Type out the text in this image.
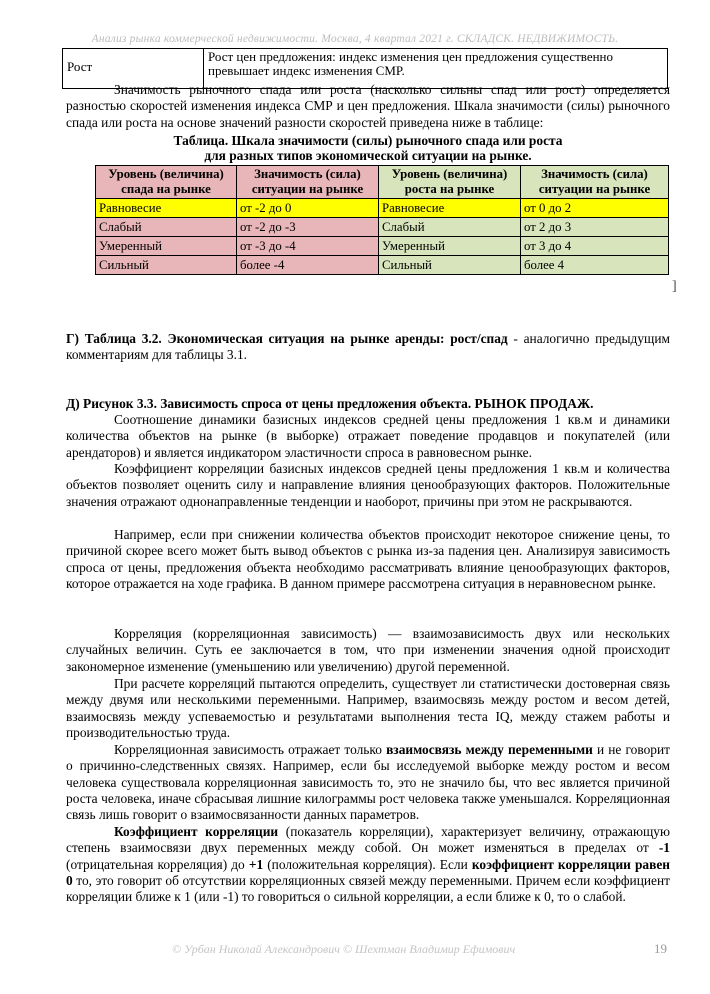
Анализ рынка коммерческой недвижимости. Москва, 4 квартал 2021 г. СКЛАДСК. НЕДВИЖИМОСТЬ.
Рост	Рост цен предложения: индекс изменения цен предложения существенно превышает индекс изменения СМР.
Значимость рыночного спада или роста (насколько сильны спад или рост) определяется разностью скоростей изменения индекса СМР и цен предложения. Шкала значимости (силы) рыночного спада или роста на основе значений разности скоростей приведена ниже в таблице:
Таблица. Шкала значимости (силы) рыночного спада или роста
для разных типов экономической ситуации на рынке.
Уровень (величина) спада на рынке	Значимость (сила) ситуации на рынке	Уровень (величина) роста на рынке	Значимость (сила) ситуации на рынке
Равновесие	от -2 до 0	Равновесие	от 0 до 2
Слабый	от -2 до -3	Слабый	от 2 до 3
Умеренный	от -3 до -4	Умеренный	от 3 до 4
Сильный	более -4	Сильный	более 4
]
Г) Таблица 3.2. Экономическая ситуация на рынке аренды: рост/спад - аналогично предыдущим комментариям для таблицы 3.1.
Д) Рисунок 3.3. Зависимость спроса от цены предложения объекта. РЫНОК ПРОДАЖ.
Соотношение динамики базисных индексов средней цены предложения 1 кв.м и динамики количества объектов на рынке (в выборке) отражает поведение продавцов и покупателей (или арендаторов) и является индикатором эластичности спроса в равновесном рынке.
Коэффициент корреляции базисных индексов средней цены предложения 1 кв.м и количества объектов позволяет оценить силу и направление влияния ценообразующих факторов. Положительные значения отражают однонаправленные тенденции и наоборот, причины при этом не раскрываются.
Например, если при снижении количества объектов происходит некоторое снижение цены, то причиной скорее всего может быть вывод объектов с рынка из-за падения цен. Анализируя зависимость спроса от цены, предложения объекта необходимо рассматривать влияние ценообразующих факторов, которое отражается на ходе графика. В данном примере рассмотрена ситуация в неравновесном рынке.
Корреляция (корреляционная зависимость) — взаимозависимость двух или нескольких случайных величин. Суть ее заключается в том, что при изменении значения одной происходит закономерное изменение (уменьшению или увеличению) другой переменной.
При расчете корреляций пытаются определить, существует ли статистически достоверная связь между двумя или несколькими переменными. Например, взаимосвязь между ростом и весом детей, взаимосвязь между успеваемостью и результатами выполнения теста IQ, между стажем работы и производительностью труда.
Корреляционная зависимость отражает только взаимосвязь между переменными и не говорит о причинно-следственных связях. Например, если бы исследуемой выборке между ростом и весом человека существовала корреляционная зависимость то, это не значило бы, что вес является причиной роста человека, иначе сбрасывая лишние килограммы рост человека также уменьшался. Корреляционная связь лишь говорит о взаимосвязанности данных параметров.
Коэффициент корреляции (показатель корреляции), характеризует величину, отражающую степень взаимосвязи двух переменных между собой. Он может изменяться в пределах от -1 (отрицательная корреляция) до +1 (положительная корреляция). Если коэффициент корреляции равен 0 то, это говорит об отсутствии корреляционных связей между переменными. Причем если коэффициент корреляции ближе к 1 (или -1) то говориться о сильной корреляции, а если ближе к 0, то о слабой.
© Урбан Николай Александрович © Шехтман Владимир Ефимович	19
